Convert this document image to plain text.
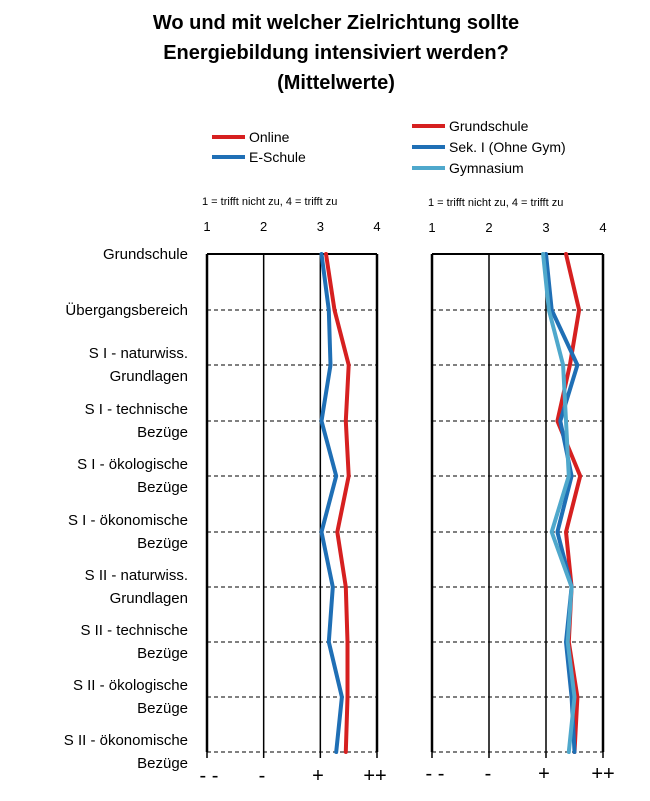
Wo und mit welcher Zielrichtung sollte
Energiebildung intensiviert werden?
(Mittelwerte)
Online
E-Schule
Grundschule
Sek. I (Ohne Gym)
Gymnasium
1 = trifft nicht zu, 4 = trifft zu	1 = trifft nicht zu, 4 = trifft zu
Grundschule
Übergangsbereich
S I - naturwiss.
Grundlagen
S I - technische
Bezüge
S I - ökologische
Bezüge
S I - ökonomische
Bezüge
S II - naturwiss.
Grundlagen
S II - technische
Bezüge
S II - ökologische
Bezüge
S II - ökonomische
Bezüge
1	2	3	4
- - - + ++
1	2	3	4
- - - + ++
